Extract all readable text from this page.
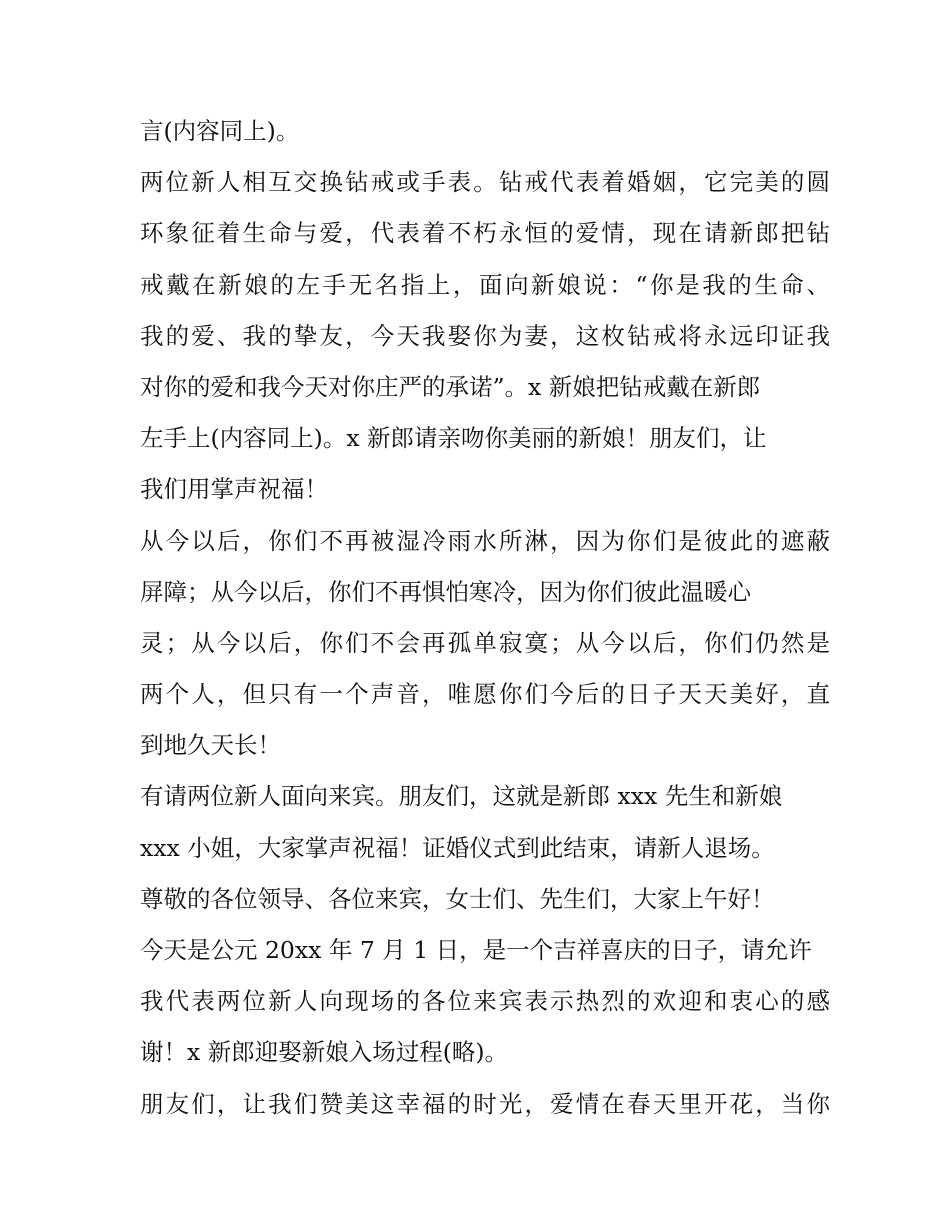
言(内容同上)。
两位新人相互交换钻戒或手表。钻戒代表着婚姻，它完美的圆
环象征着生命与爱，代表着不朽永恒的爱情，现在请新郎把钻
戒戴在新娘的左手无名指上，面向新娘说：“你是我的生命、
我的爱、我的挚友，今天我娶你为妻，这枚钻戒将永远印证我
对你的爱和我今天对你庄严的承诺”。x 新娘把钻戒戴在新郎
左手上(内容同上)。x 新郎请亲吻你美丽的新娘！朋友们，让
我们用掌声祝福！
从今以后，你们不再被湿冷雨水所淋，因为你们是彼此的遮蔽
屏障；从今以后，你们不再惧怕寒冷，因为你们彼此温暖心
灵；从今以后，你们不会再孤单寂寞；从今以后，你们仍然是
两个人，但只有一个声音，唯愿你们今后的日子天天美好，直
到地久天长！
有请两位新人面向来宾。朋友们，这就是新郎 xxx 先生和新娘
xxx 小姐，大家掌声祝福！证婚仪式到此结束，请新人退场。
尊敬的各位领导、各位来宾，女士们、先生们，大家上午好！
今天是公元 20xx 年 7 月 1 日，是一个吉祥喜庆的日子，请允许
我代表两位新人向现场的各位来宾表示热烈的欢迎和衷心的感
谢！x 新郎迎娶新娘入场过程(略)。
朋友们，让我们赞美这幸福的时光，爱情在春天里开花，当你
